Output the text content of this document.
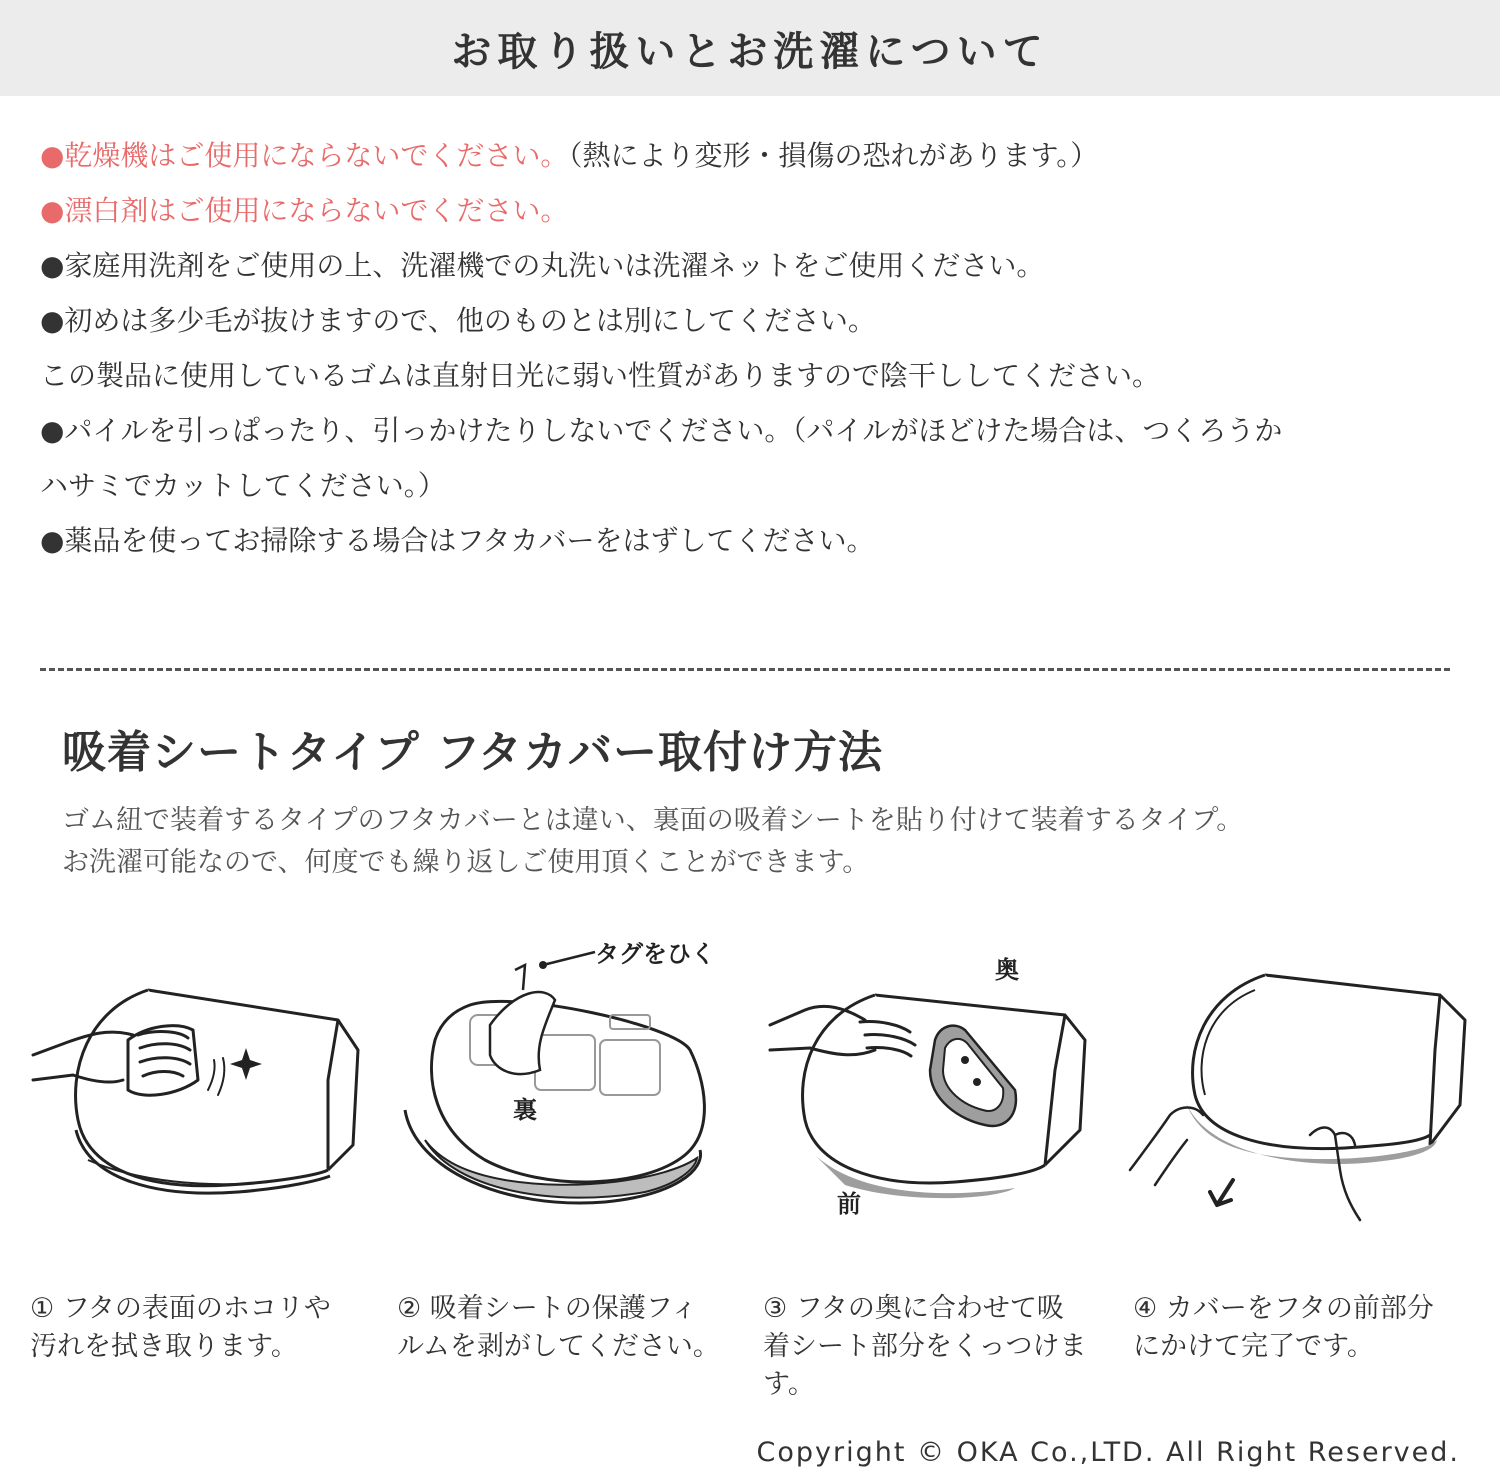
お取り扱いとお洗濯について
●乾燥機はご使用にならないでください。（熱により変形・損傷の恐れがあります。）
●漂白剤はご使用にならないでください。
●家庭用洗剤をご使用の上、洗濯機での丸洗いは洗濯ネットをご使用ください。
●初めは多少毛が抜けますので、他のものとは別にしてください。
この製品に使用しているゴムは直射日光に弱い性質がありますので陰干ししてください。
●パイルを引っぱったり、引っかけたりしないでください。（パイルがほどけた場合は、つくろうか
ハサミでカットしてください。）
●薬品を使ってお掃除する場合はフタカバーをはずしてください。
吸着シートタイプ フタカバー取付け方法
ゴム紐で装着するタイプのフタカバーとは違い、裏面の吸着シートを貼り付けて装着するタイプ。
お洗濯可能なので、何度でも繰り返しご使用頂くことができます。
タグをひく
裏
奥
前
① フタの表面のホコリや
汚れを拭き取ります。
② 吸着シートの保護フィ
ルムを剥がしてください。
③ フタの奥に合わせて吸
着シート部分をくっつけま
す。
④ カバーをフタの前部分
にかけて完了です。
Copyright © OKA Co.,LTD. All Right Reserved.
